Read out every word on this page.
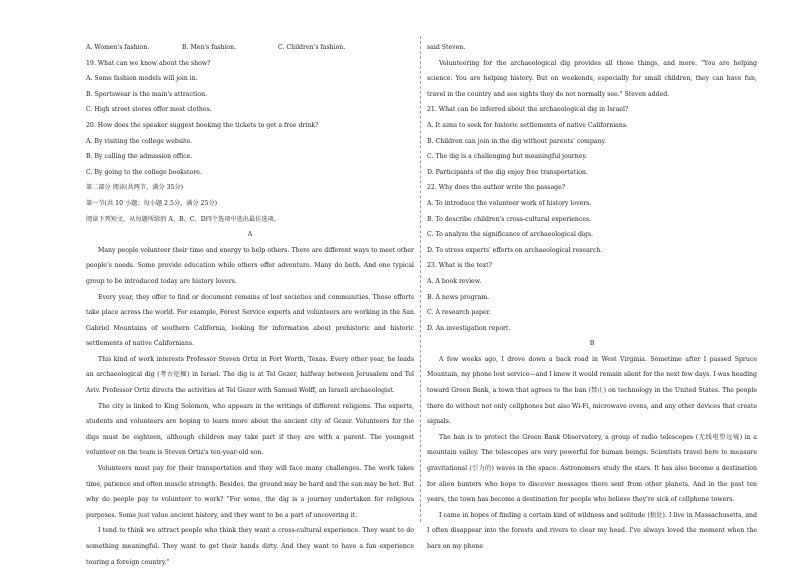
A. Women's fashion.	B. Men's fashion.	C. Children's fashion.
19. What can we know about the show?
A. Some fashion models will join in.
B. Sportswear is the main's attraction.
C. High street stores offer most clothes.
20. How does the speaker suggest booking the tickets to get a free drink?
A. By visiting the college website.
B. By calling the admission office.
C. By going to the college bookstore.
第二部分 阅读(共两节，满分 35分)
第一节(共 10 小题；每小题 2.5分，满分 25分)
阅读下列短文，从每题所给的 A、B、C、D四个选项中选出最佳选项。
A
Many people volunteer their time and energy to help others. There are different ways to meet other people's needs. Some provide education while others offer adventure. Many do both. And one typical group to be introduced today are history lovers.
Every year, they offer to find or document remains of lost societies and communities. These efforts take place across the world. For example, Forest Service experts and volunteers are working in the San Gabriel Mountains of southern California, looking for information about prehistoric and historic settlements of native Californians.
This kind of work interests Professor Steven Ortiz in Fort Worth, Texas. Every other year, he leads an archaeological dig (考古挖掘) in Israel. The dig is at Tel Gezer, halfway between Jerusalem and Tel Aviv. Professor Ortiz directs the activities at Tel Gezer with Samuel Wolff, an Israeli archaeologist.
The city is linked to King Solomon, who appears in the writings of different religions. The experts, students and volunteers are hoping to learn more about the ancient city of Gezer. Volunteers for the digs must be eighteen, although children may take part if they are with a parent. The youngest volunteer on the team is Steven Ortiz's ten-year-old son.
Volunteers must pay for their transportation and they will face many challenges. The work takes time, patience and often muscle strength. Besides, the ground may be hard and the sun may be hot. But why do people pay to volunteer to work? "For some, the dig is a journey undertaken for religious purposes. Some just value ancient history, and they want to be a part of uncovering it.
I tend to think we attract people who think they want a cross-cultural experience. They want to do something meaningful. They want to get their hands dirty. And they want to have a fun experience touring a foreign country."
said Steven.
Volunteering for the archaeological dig provides all those things, and more. "You are helping science. You are helping history. But on weekends, especially for small children, they can have fun, travel in the country and see sights they do not normally see." Steven added.
21. What can be inferred about the archaeological dig in Israel?
A. It aims to seek for historic settlements of native Californians.
B. Children can join in the dig without parents' company.
C. The dig is a challenging but meaningful journey.
D. Participants of the dig enjoy free transportation.
22. Why does the author write the passage?
A. To introduce the volunteer work of history lovers.
B. To describe children's cross-cultural experiences.
C. To analyze the significance of archaeological digs.
D. To stress experts' efforts on archaeological research.
23. What is the text?
A. A book review.
B. A news program.
C. A research paper.
D. An investigation report.
B
A few weeks ago, I drove down a back road in West Virginia. Sometime after I passed Spruce Mountain, my phone lost service—and I knew it would remain silent for the next few days. I was heading toward Green Bank, a town that agrees to the ban (禁止) on technology in the United States. The people there do without not only cellphones but also Wi-Fi, microwave ovens, and any other devices that create signals.
The ban is to protect the Green Bank Observatory, a group of radio telescopes (无线电望远镜) in a mountain valley. The telescopes are very powerful for human beings. Scientists travel here to measure gravitational (引力的) waves in the space. Astronomers study the stars. It has also become a destination for alien hunters who hope to discover messages there sent from other planets. And in the past ten years, the town has become a destination for people who believe they're sick of cellphone towers.
I came in hopes of finding a certain kind of wildness and solitude (独处). I live in Massachusetts, and I often disappear into the forests and rivers to clear my head. I've always loved the moment when the bars on my phone
